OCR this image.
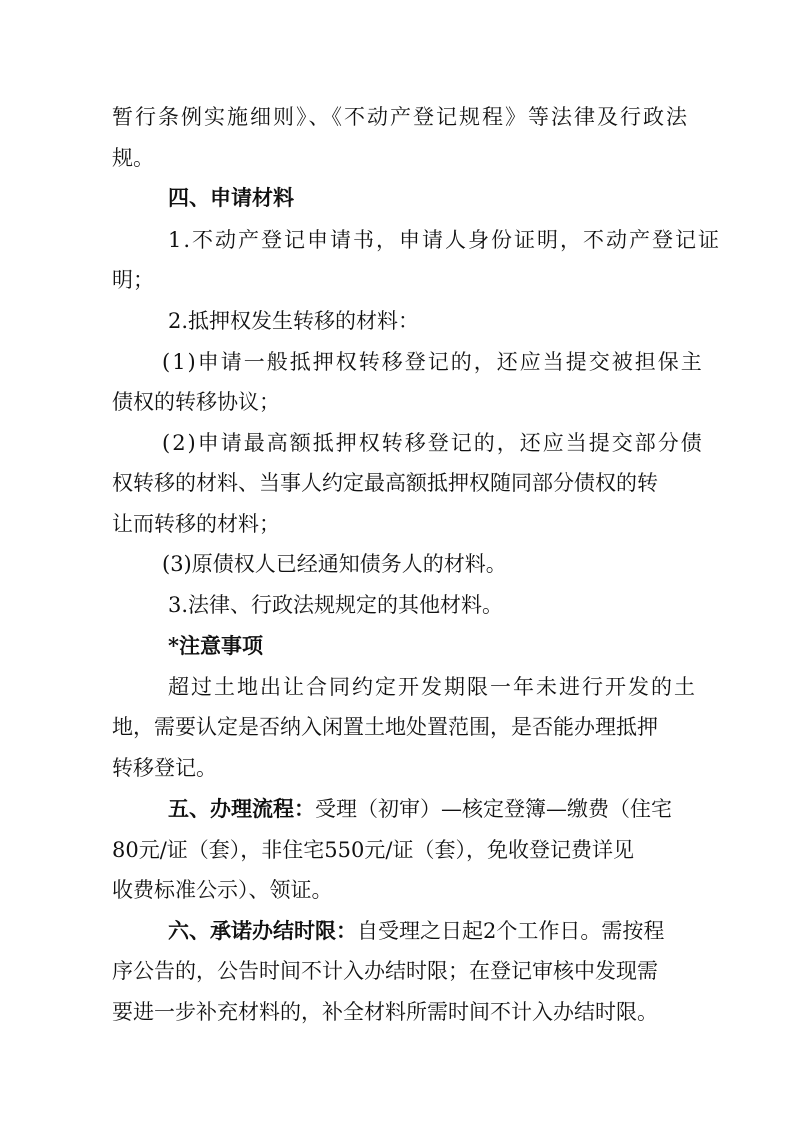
暂行条例实施细则》、《不动产登记规程》等法律及行政法
规。
四、申请材料
1.不动产登记申请书，申请人身份证明，不动产登记证
明；
2.抵押权发生转移的材料：
(1)申请一般抵押权转移登记的，还应当提交被担保主
债权的转移协议；
(2)申请最高额抵押权转移登记的，还应当提交部分债
权转移的材料、当事人约定最高额抵押权随同部分债权的转
让而转移的材料；
(3)原债权人已经通知债务人的材料。
3.法律、行政法规规定的其他材料。
*注意事项
超过土地出让合同约定开发期限一年未进行开发的土
地，需要认定是否纳入闲置土地处置范围，是否能办理抵押
转移登记。
五、办理流程：受理（初审）—核定登簿—缴费（住宅
80元/证（套），非住宅550元/证（套），免收登记费详见
收费标准公示）、领证。
六、承诺办结时限：自受理之日起2个工作日。需按程
序公告的，公告时间不计入办结时限；在登记审核中发现需
要进一步补充材料的，补全材料所需时间不计入办结时限。
